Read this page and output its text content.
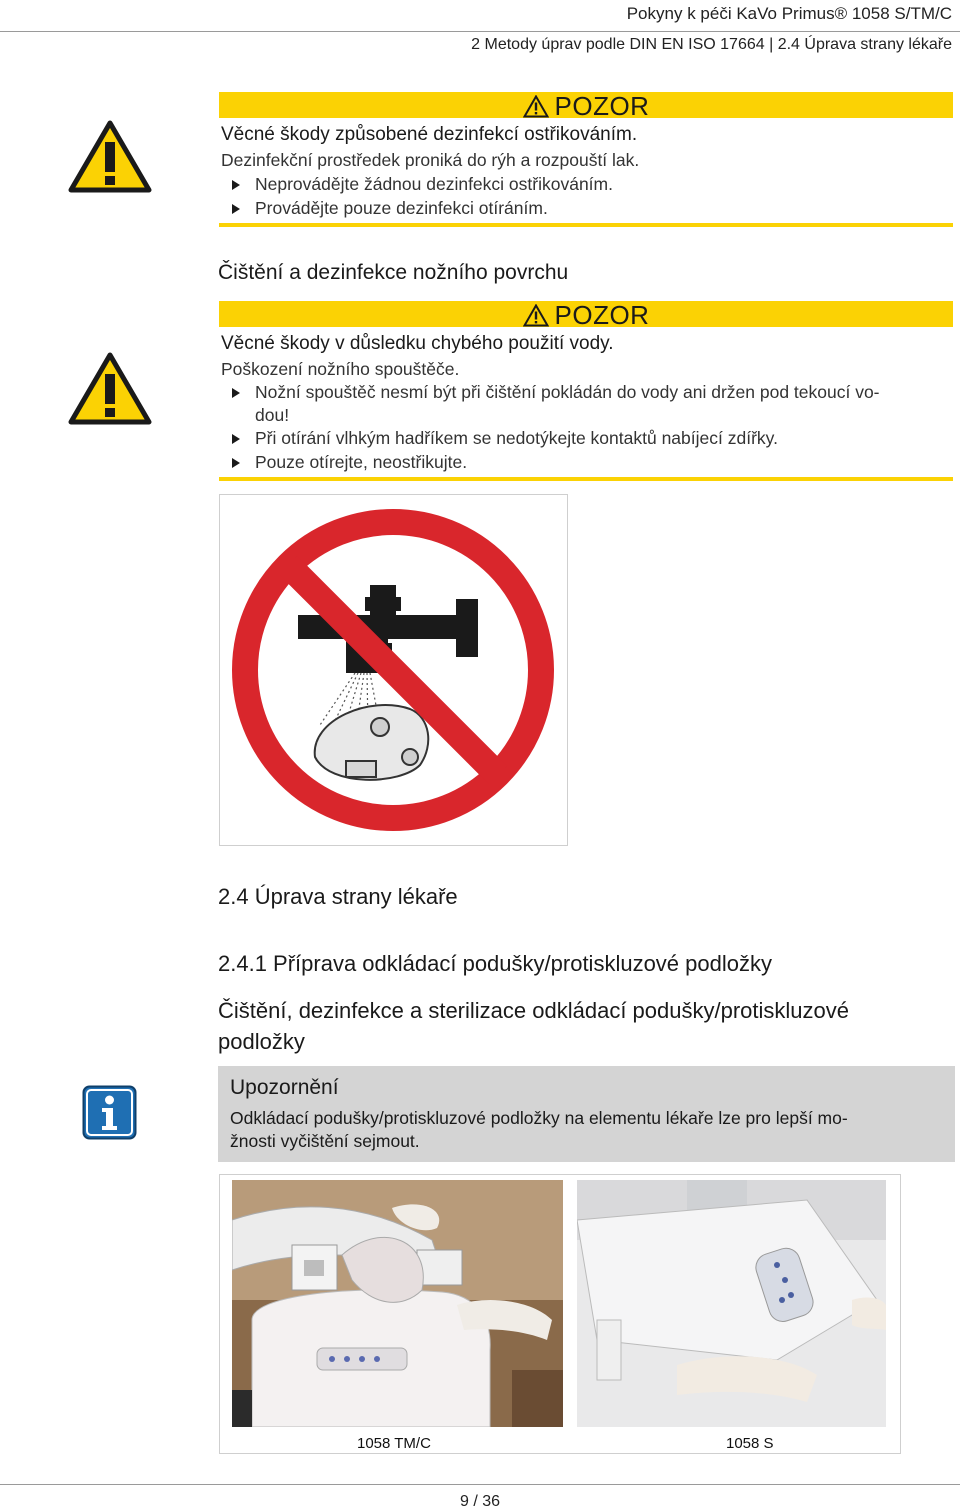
Pokyny k péči KaVo Primus® 1058 S/TM/C
2 Metody úprav podle DIN EN ISO 17664 | 2.4 Úprava strany lékaře
POZOR
Věcné škody způsobené dezinfekcí ostřikováním.
Dezinfekční prostředek proniká do rýh a rozpouští lak.
Neprovádějte žádnou dezinfekci ostřikováním.
Provádějte pouze dezinfekci otíráním.
Čištění a dezinfekce nožního povrchu
POZOR
Věcné škody v důsledku chybého použití vody.
Poškození nožního spouštěče.
Nožní spouštěč nesmí být při čištění pokládán do vody ani držen pod tekoucí vo-
dou!
Při otírání vlhkým hadříkem se nedotýkejte kontaktů nabíjecí zdířky.
Pouze otírejte, neostřikujte.
2.4 Úprava strany lékaře
2.4.1 Příprava odkládací podušky/protiskluzové podložky
Čištění, dezinfekce a sterilizace odkládací podušky/protiskluzové
podložky
Upozornění
Odkládací podušky/protiskluzové podložky na elementu lékaře lze pro lepší mo-
žnosti vyčištění sejmout.
1058 TM/C	1058 S
9 / 36
